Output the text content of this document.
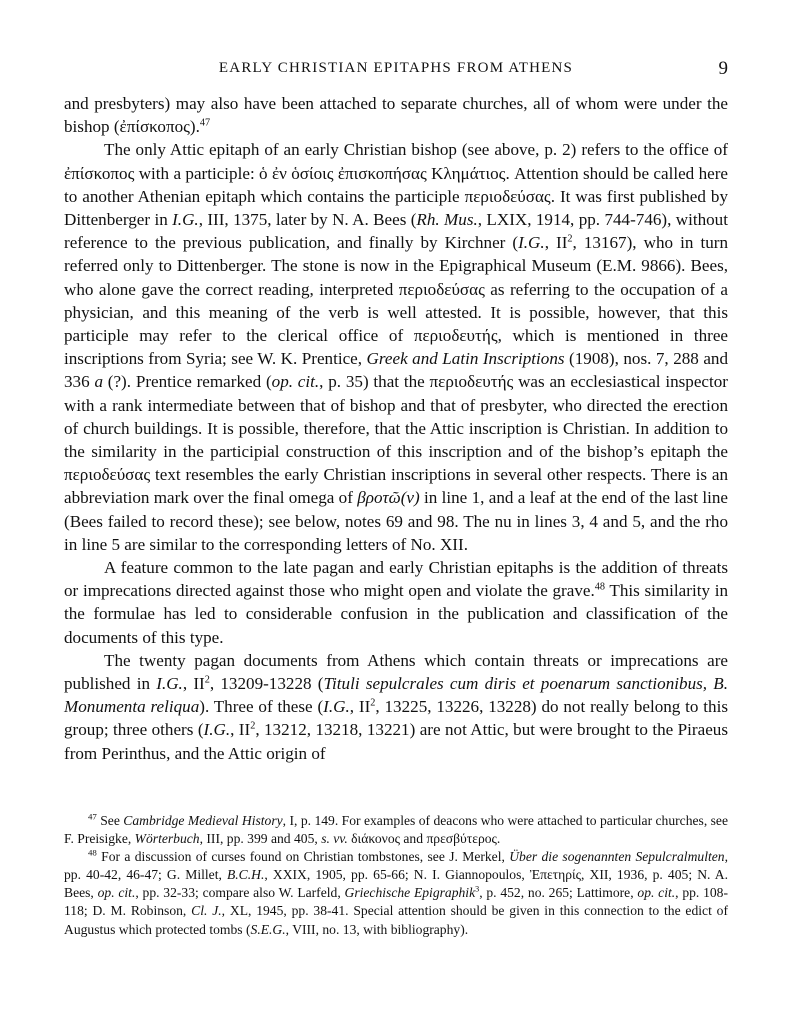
EARLY CHRISTIAN EPITAPHS FROM ATHENS	9

and presbyters) may also have been attached to separate churches, all of whom were under the bishop (ἐπίσκοπος).$^{47}$

The only Attic epitaph of an early Christian bishop (see above, p. 2) refers to the office of ἐπίσκοπος with a participle: ὁ ἐν ὁσίοις ἐπισκοπήσας Κλημάτιος. Attention should be called here to another Athenian epitaph which contains the participle περιοδεύσας. It was first published by Dittenberger in I.G., III, 1375, later by N. A. Bees (Rh. Mus., LXIX, 1914, pp. 744-746), without reference to the previous publication, and finally by Kirchner (I.G., $II^2$, 13167), who in turn referred only to Dittenberger. The stone is now in the Epigraphical Museum (E.M. 9866). Bees, who alone gave the correct reading, interpreted περιοδεύσας as referring to the occupation of a physician, and this meaning of the verb is well attested. It is possible, however, that this participle may refer to the clerical office of περιοδευτής, which is mentioned in three inscriptions from Syria; see W. K. Prentice, Greek and Latin Inscriptions (1908), nos. 7, 288 and 336 a (?). Prentice remarked (op. cit., p. 35) that the περιοδευτής was an ecclesiastical inspector with a rank intermediate between that of bishop and that of presbyter, who directed the erection of church buildings. It is possible, therefore, that the Attic inscription is Christian. In addition to the similarity in the participial construction of this inscription and of the bishop’s epitaph the περιοδεύσας text resembles the early Christian inscriptions in several other respects. There is an abbreviation mark over the final omega of βροτῶ(ν) in line 1, and a leaf at the end of the last line (Bees failed to record these); see below, notes 69 and 98. The nu in lines 3, 4 and 5, and the rho in line 5 are similar to the corresponding letters of No. XII.

A feature common to the late pagan and early Christian epitaphs is the addition of threats or imprecations directed against those who might open and violate the grave.$^{48}$ This similarity in the formulae has led to considerable confusion in the publication and classification of the documents of this type.

The twenty pagan documents from Athens which contain threats or imprecations are published in I.G., $II^2$, 13209-13228 (Tituli sepulcrales cum diris et poenarum sanctionibus, B. Monumenta reliqua). Three of these (I.G., $II^2$, 13225, 13226, 13228) do not really belong to this group; three others (I.G., $II^2$, 13212, 13218, 13221) are not Attic, but were brought to the Piraeus from Perinthus, and the Attic origin of

$^{47}$ See Cambridge Medieval History, I, p. 149. For examples of deacons who were attached to particular churches, see F. Preisigke, Wörterbuch, III, pp. 399 and 405, s. vv. διάκονος and πρεσβύτερος.

$^{48}$ For a discussion of curses found on Christian tombstones, see J. Merkel, Über die sogenannten Sepulcralmulten, pp. 40-42, 46-47; G. Millet, B.C.H., XXIX, 1905, pp. 65-66; N. I. Giannopoulos, Ἐπετηρίς, XII, 1936, p. 405; N. A. Bees, op. cit., pp. 32-33; compare also W. Larfeld, Griechische Epigraphik$^3$, p. 452, no. 265; Lattimore, op. cit., pp. 108-118; D. M. Robinson, Cl. J., XL, 1945, pp. 38-41. Special attention should be given in this connection to the edict of Augustus which protected tombs (S.E.G., VIII, no. 13, with bibliography).
